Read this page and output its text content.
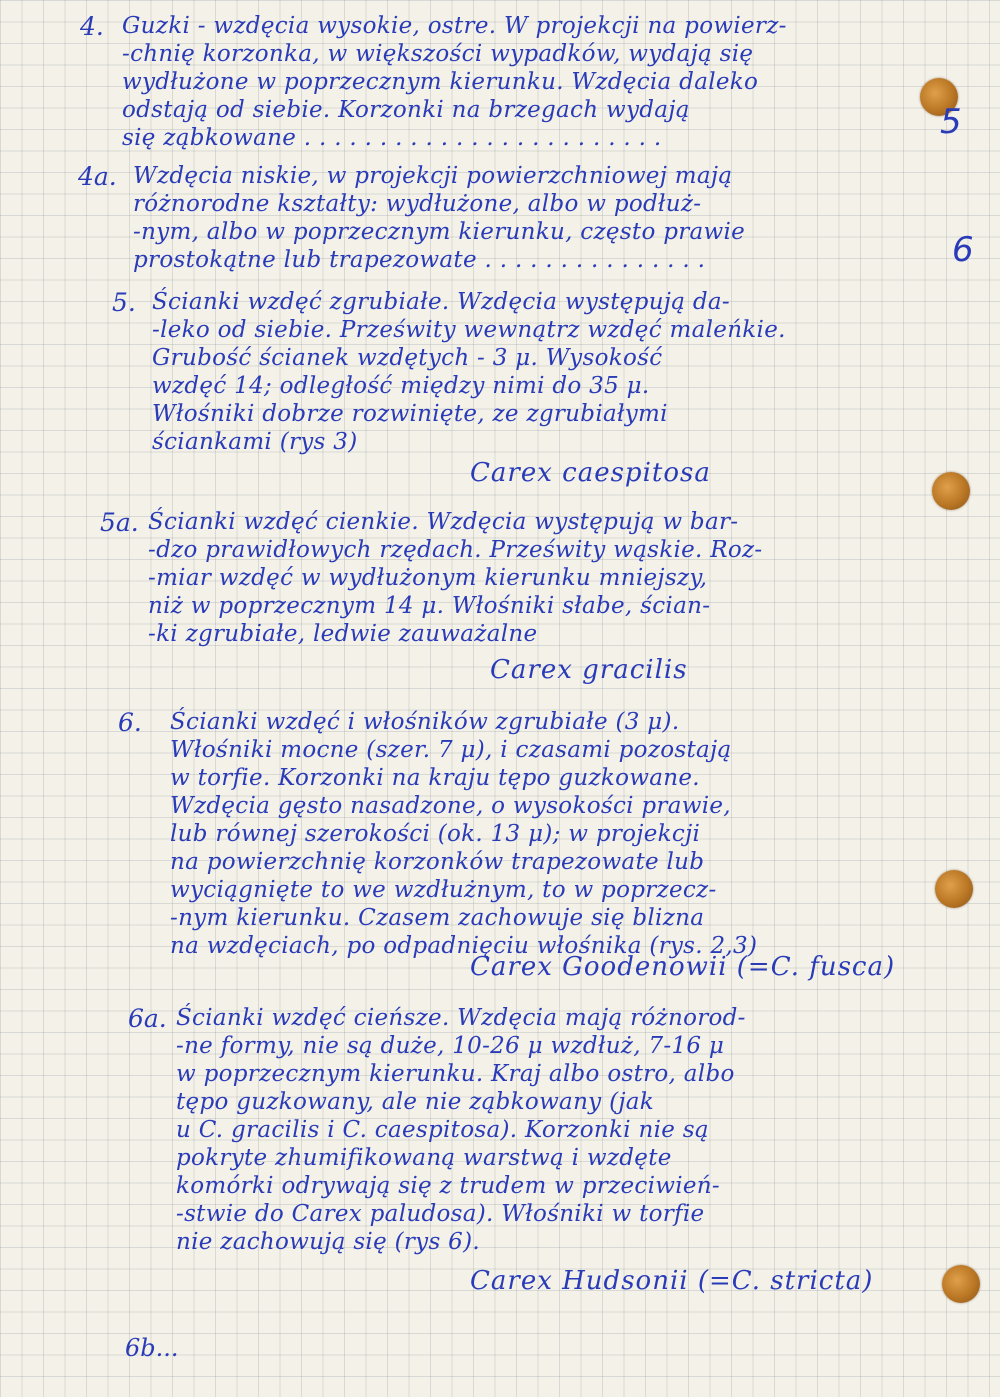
4. Guzki - wzdęcia wysokie, ostre. W projekcji na powierz-
-chnię korzonka, w większości wypadków, wydają się
wydłużone w poprzecznym kierunku. Wzdęcia daleko
odstają od siebie. Korzonki na brzegach wydają
się ząbkowane . . . . . . . . . . . . . . . . . . . . . . . .	5
4a. Wzdęcia niskie, w projekcji powierzchniowej mają
różnorodne kształty: wydłużone, albo w podłuż-
-nym, albo w poprzecznym kierunku, często prawie
prostokątne lub trapezowate . . . . . . . . . . . . . . .	6
5. Ścianki wzdęć zgrubiałe. Wzdęcia występują da-
-leko od siebie. Prześwity wewnątrz wzdęć maleńkie.
Grubość ścianek wzdętych - 3 μ. Wysokość
wzdęć 14; odległość między nimi do 35 μ.
Włośniki dobrze rozwinięte, ze zgrubiałymi
ściankami (rys 3)
Carex caespitosa
5a. Ścianki wzdęć cienkie. Wzdęcia występują w bar-
-dzo prawidłowych rzędach. Prześwity wąskie. Roz-
-miar wzdęć w wydłużonym kierunku mniejszy,
niż w poprzecznym 14 μ. Włośniki słabe, ścian-
-ki zgrubiałe, ledwie zauważalne
Carex gracilis
6. Ścianki wzdęć i włośników zgrubiałe (3 μ).
Włośniki mocne (szer. 7 μ), i czasami pozostają
w torfie. Korzonki na kraju tępo guzkowane.
Wzdęcia gęsto nasadzone, o wysokości prawie,
lub równej szerokości (ok. 13 μ); w projekcji
na powierzchnię korzonków trapezowate lub
wyciągnięte to we wzdłużnym, to w poprzecz-
-nym kierunku. Czasem zachowuje się blizna
na wzdęciach, po odpadnięciu włośnika (rys. 2,3)
Carex Goodenowii (=C. fusca)
6a. Ścianki wzdęć cieńsze. Wzdęcia mają różnorod-
-ne formy, nie są duże, 10-26 μ wzdłuż, 7-16 μ
w poprzecznym kierunku. Kraj albo ostro, albo
tępo guzkowany, ale nie ząbkowany (jak
u C. gracilis i C. caespitosa). Korzonki nie są
pokryte zhumifikowaną warstwą i wzdęte
komórki odrywają się z trudem w przeciwień-
-stwie do Carex paludosa). Włośniki w torfie
nie zachowują się (rys 6).
Carex Hudsonii (=C. stricta)
6b...
